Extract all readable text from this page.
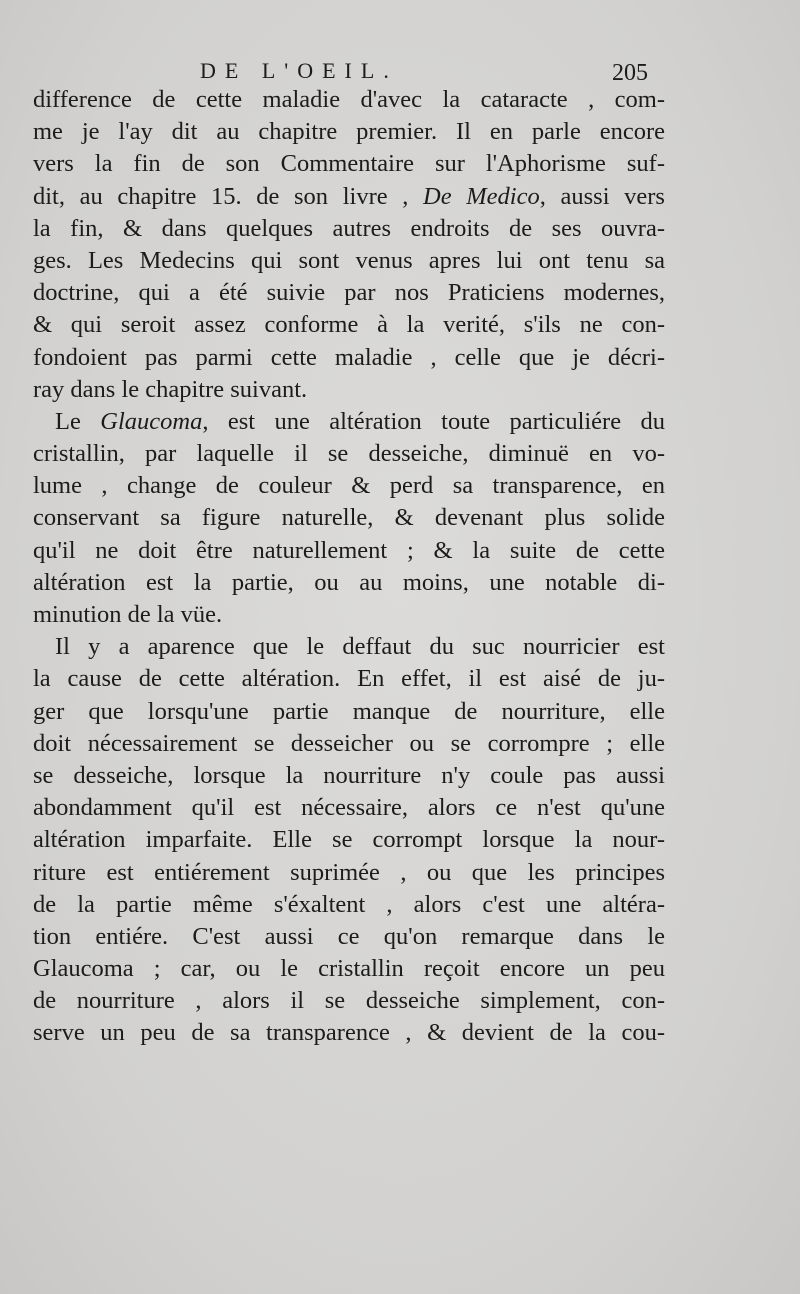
DE L'OEIL.	205
difference de cette maladie d'avec la cataracte , com-
me je l'ay dit au chapitre premier. Il en parle encore
vers la fin de son Commentaire sur l'Aphorisme suf-
dit, au chapitre 15. de son livre , De Medico, aussi vers
la fin, & dans quelques autres endroits de ses ouvra-
ges. Les Medecins qui sont venus apres lui ont tenu sa
doctrine, qui a été suivie par nos Praticiens modernes,
& qui seroit assez conforme à la verité, s'ils ne con-
fondoient pas parmi cette maladie , celle que je décri-
ray dans le chapitre suivant.
Le Glaucoma, est une altération toute particuliére du
cristallin, par laquelle il se desseiche, diminuë en vo-
lume , change de couleur & perd sa transparence, en
conservant sa figure naturelle, & devenant plus solide
qu'il ne doit être naturellement ; & la suite de cette
altération est la partie, ou au moins, une notable di-
minution de la vüe.
Il y a aparence que le deffaut du suc nourricier est
la cause de cette altération. En effet, il est aisé de ju-
ger que lorsqu'une partie manque de nourriture, elle
doit nécessairement se desseicher ou se corrompre ; elle
se desseiche, lorsque la nourriture n'y coule pas aussi
abondamment qu'il est nécessaire, alors ce n'est qu'une
altération imparfaite. Elle se corrompt lorsque la nour-
riture est entiérement suprimée , ou que les principes
de la partie même s'éxaltent , alors c'est une altéra-
tion entiére. C'est aussi ce qu'on remarque dans le
Glaucoma ; car, ou le cristallin reçoit encore un peu
de nourriture , alors il se desseiche simplement, con-
serve un peu de sa transparence , & devient de la cou-
